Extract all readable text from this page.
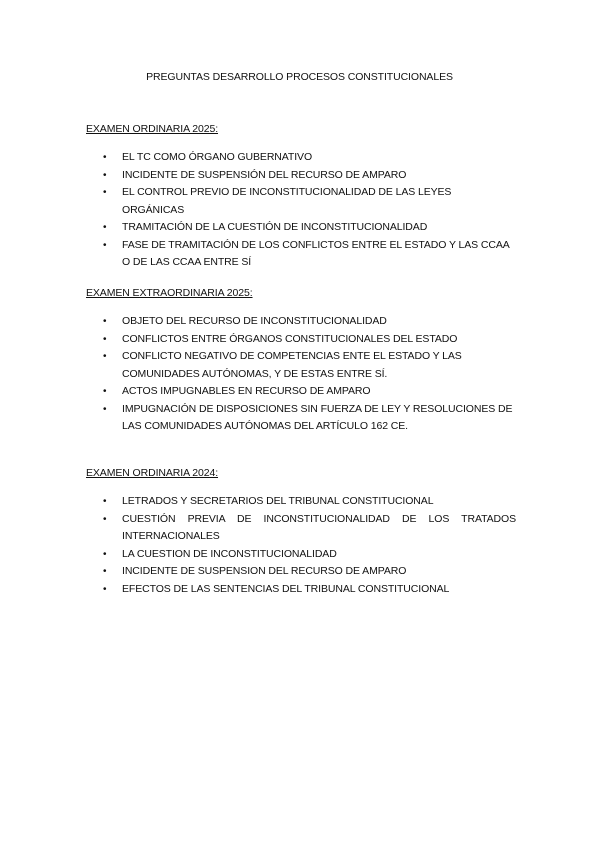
PREGUNTAS DESARROLLO PROCESOS CONSTITUCIONALES
EXAMEN ORDINARIA 2025:
• EL TC COMO ÓRGANO GUBERNATIVO
• INCIDENTE DE SUSPENSIÓN DEL RECURSO DE AMPARO
• EL CONTROL PREVIO DE INCONSTITUCIONALIDAD DE LAS LEYES ORGÁNICAS
• TRAMITACIÓN DE LA CUESTIÓN DE INCONSTITUCIONALIDAD
• FASE DE TRAMITACIÓN DE LOS CONFLICTOS ENTRE EL ESTADO Y LAS CCAA O DE LAS CCAA ENTRE SÍ
EXAMEN EXTRAORDINARIA 2025:
• OBJETO DEL RECURSO DE INCONSTITUCIONALIDAD
• CONFLICTOS ENTRE ÓRGANOS CONSTITUCIONALES DEL ESTADO
• CONFLICTO NEGATIVO DE COMPETENCIAS ENTE EL ESTADO Y LAS COMUNIDADES AUTÓNOMAS, Y DE ESTAS ENTRE SÍ.
• ACTOS IMPUGNABLES EN RECURSO DE AMPARO
• IMPUGNACIÓN DE DISPOSICIONES SIN FUERZA DE LEY Y RESOLUCIONES DE LAS COMUNIDADES AUTÓNOMAS DEL ARTÍCULO 162 CE.
EXAMEN ORDINARIA 2024:
• LETRADOS Y SECRETARIOS DEL TRIBUNAL CONSTITUCIONAL
• CUESTIÓN PREVIA DE INCONSTITUCIONALIDAD DE LOS TRATADOS INTERNACIONALES
• LA CUESTION DE INCONSTITUCIONALIDAD
• INCIDENTE DE SUSPENSION DEL RECURSO DE AMPARO
• EFECTOS DE LAS SENTENCIAS DEL TRIBUNAL CONSTITUCIONAL
